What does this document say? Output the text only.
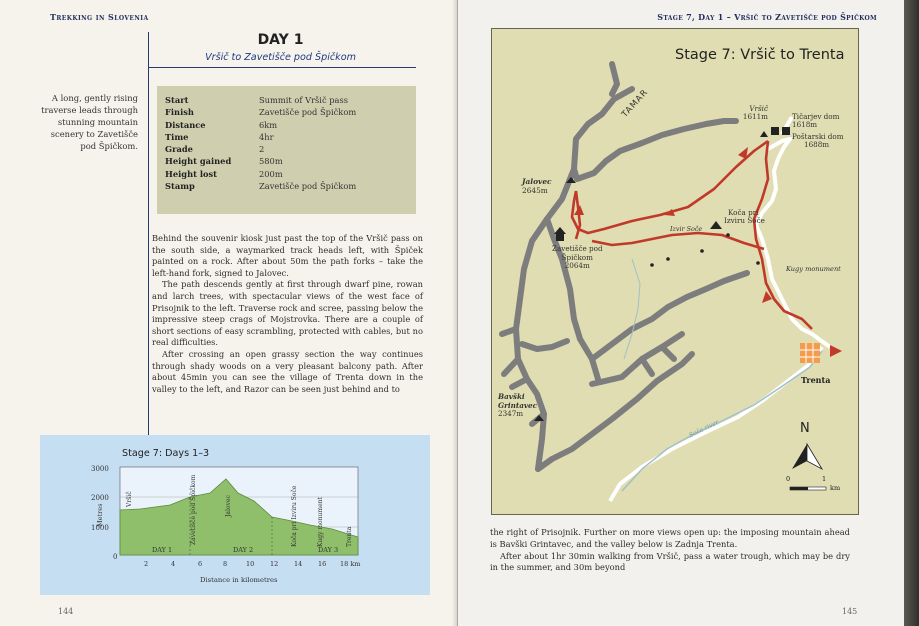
Trekking in Slovenia
DAY 1
Vršič to Zavetišče pod Špičkom
A long, gently rising
traverse leads through
stunning mountain
scenery to Zavetišče
pod Špičkom.
Start	Summit of Vršič pass
Finish	Zavetišče pod Špičkom
Distance	6km
Time	4hr
Grade	2
Height gained	580m
Height lost	200m
Stamp	Zavetišče pod Špičkom

Behind the souvenir kiosk just past the top of the Vršič pass on the south side, a waymarked track heads left, with Špiček painted on a rock. After about 50m the path forks – take the left-hand fork, signed to Jalovec.

The path descends gently at first through dwarf pine, rowan and larch trees, with spectacular views of the west face of Prisojnik to the left. Traverse rock and scree, passing below the impressive steep crags of Mojstrovka. There are a couple of short sections of easy scrambling, protected with cables, but no real difficulties.

After crossing an open grassy section the way continues through shady woods on a very pleasant balcony path. After about 45min you can see the village of Trenta down in the valley to the left, and Razor can be seen just behind and to

Stage 7: Days 1–3
3000
2000
1000
0
Metres
2	4	6	8	10 12 14 16 18 km
Distance in kilometres
DAY 1	DAY 2	DAY 3
Vršič	Zavetišče pod Špičkom	Jalovec	Koča pri Izviru Soče	Kugy monument	Trenta
144
Stage 7, Day 1 – Vršič to Zavetišče pod Špičkom
TAMAR	Vršič
1611m	Tičarjev dom
1618m
Poštarski dom
1688m
Jalovec
2645m
Koča pri
Izviru Soče
Izvir Soče
Zavetišče pod
Špičkom
2064m	Kugy monument
Trenta
Bavški
Grintavec
2347m
Soča river	N
0	1
km
Stage 7: Vršič to Trenta

the right of Prisojnik. Further on more views open up: the imposing mountain ahead is Bavški Grintavec, and the valley below is Zadnja Trenta.

After about 1hr 30min walking from Vršič, pass a water trough, which may be dry in the summer, and 30m beyond

145
